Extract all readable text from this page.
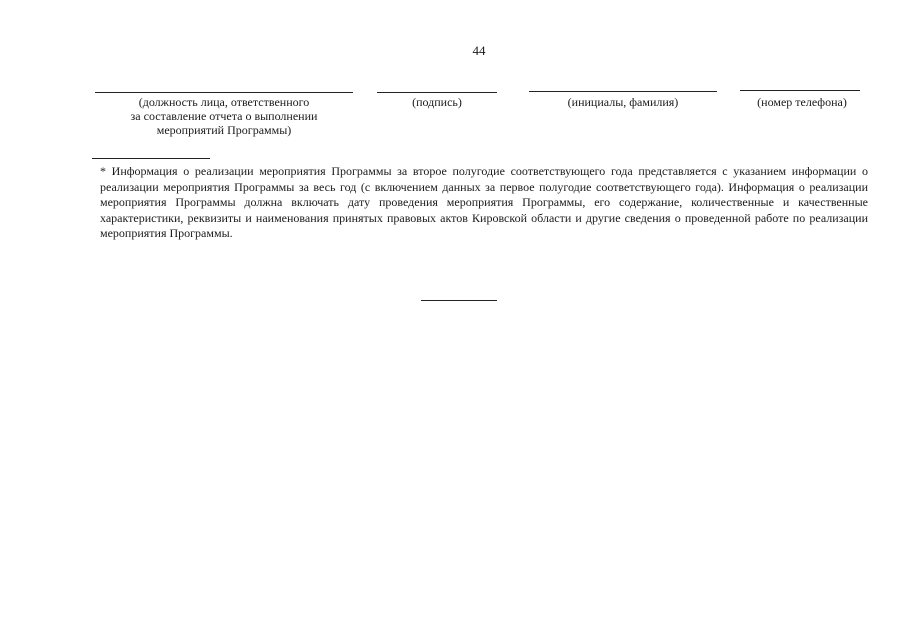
44
(должность лица, ответственного
за составление отчета о выполнении
мероприятий Программы)
(подпись)	(инициалы, фамилия)	(номер телефона)
* Информация о реализации мероприятия Программы за второе полугодие соответствующего года представляется с указанием информации о реализации мероприятия Программы за весь год (с включением данных за первое полугодие соответствующего года). Информация о реализации мероприятия Программы должна включать дату проведения мероприятия Программы, его содержание, количественные и качественные характеристики, реквизиты и наименования принятых правовых актов Кировской области и другие сведения о проведенной работе по реализации мероприятия Программы.
